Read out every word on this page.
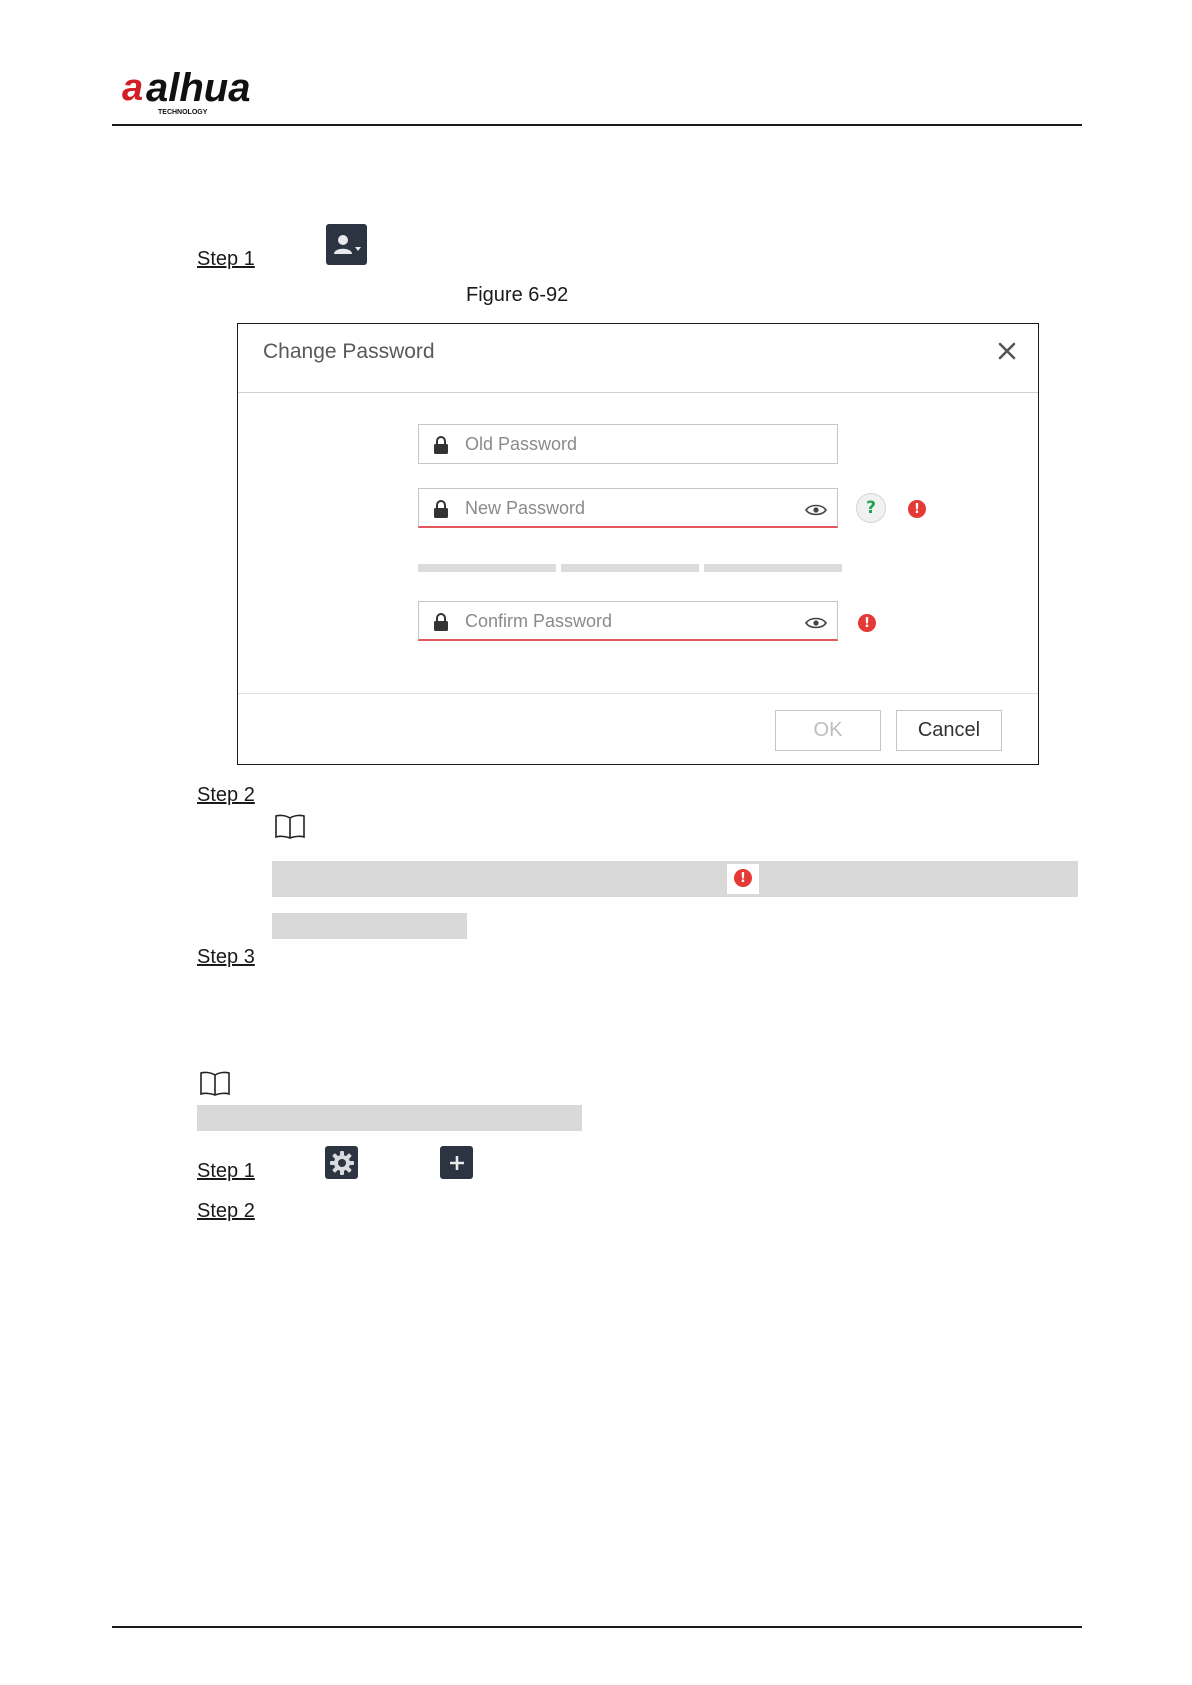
a alhua
TECHNOLOGY
Step 1
Figure 6-92
Change Password
Old Password
New Password	?	!
Confirm Password	!
OK	Cancel
Step 2
!
Step 3
Step 1
Step 2
